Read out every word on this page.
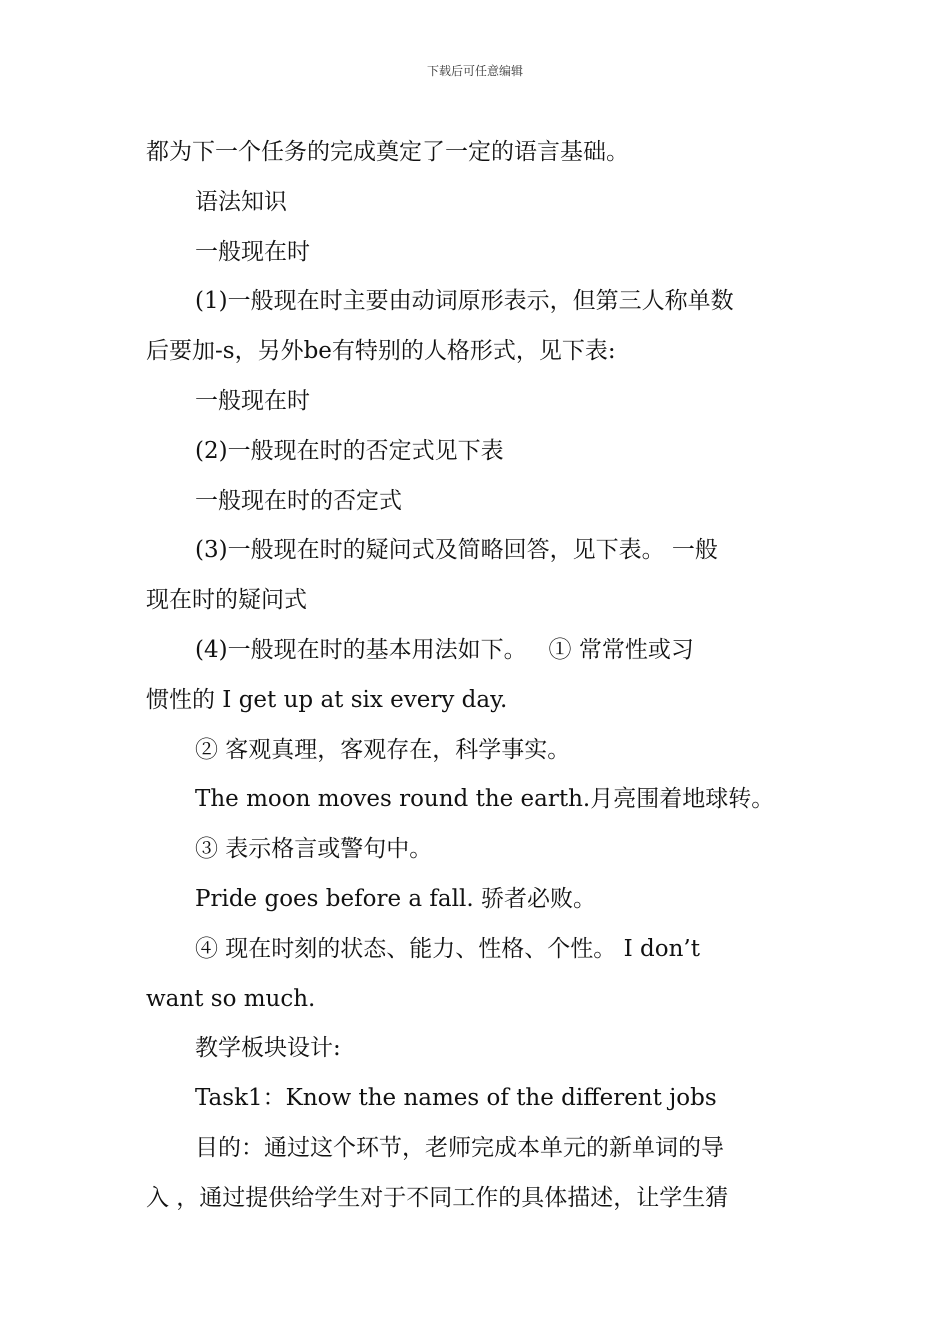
下载后可任意编辑
都为下一个任务的完成奠定了一定的语言基础。
语法知识
一般现在时
(1)一般现在时主要由动词原形表示，但第三人称单数
后要加-s，另外be有特别的人格形式，见下表:
一般现在时
(2)一般现在时的否定式见下表
一般现在时的否定式
(3)一般现在时的疑问式及简略回答，见下表。 一般
现在时的疑问式
(4)一般现在时的基本用法如下。   ① 常常性或习
惯性的 I get up at six every day.
② 客观真理，客观存在，科学事实。
The moon moves round the earth.月亮围着地球转。
③ 表示格言或警句中。
Pride goes before a fall. 骄者必败。
④ 现在时刻的状态、能力、性格、个性。 I don’t
want so much.
教学板块设计:
Task1：Know the names of the different jobs
目的：通过这个环节，老师完成本单元的新单词的导
入 ，通过提供给学生对于不同工作的具体描述，让学生猜
